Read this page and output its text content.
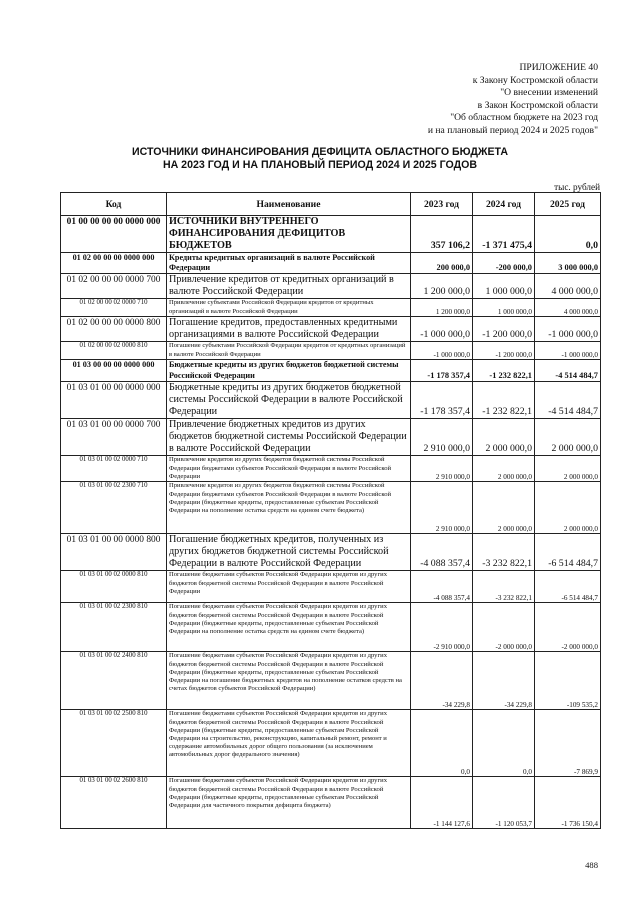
ПРИЛОЖЕНИЕ 40
к Закону Костромской области
"О внесении изменений
в Закон Костромской области
"Об областном бюджете на 2023 год
и на плановый период 2024 и 2025 годов"
ИСТОЧНИКИ ФИНАНСИРОВАНИЯ ДЕФИЦИТА ОБЛАСТНОГО БЮДЖЕТА
НА 2023 ГОД И НА ПЛАНОВЫЙ ПЕРИОД 2024 И 2025 ГОДОВ
тыс. рублей
Код	Наименование	2023 год	2024 год	2025 год
01 00 00 00 00 0000 000	ИСТОЧНИКИ ВНУТРЕННЕГО ФИНАНСИРОВАНИЯ ДЕФИЦИТОВ БЮДЖЕТОВ	357 106,2	-1 371 475,4	0,0
01 02 00 00 00 0000 000	Кредиты кредитных организаций в валюте Российской Федерации	200 000,0	-200 000,0	3 000 000,0
01 02 00 00 00 0000 700	Привлечение кредитов от кредитных организаций в валюте Российской Федерации	1 200 000,0	1 000 000,0	4 000 000,0
01 02 00 00 02 0000 710	Привлечение субъектами Российской Федерации кредитов от кредитных организаций в валюте Российской Федерации	1 200 000,0	1 000 000,0	4 000 000,0
01 02 00 00 00 0000 800	Погашение кредитов, предоставленных кредитными организациями в валюте Российской Федерации	-1 000 000,0	-1 200 000,0	-1 000 000,0
01 02 00 00 02 0000 810	Погашение субъектами Российской Федерации кредитов от кредитных организаций в валюте Российской Федерации	-1 000 000,0	-1 200 000,0	-1 000 000,0
01 03 00 00 00 0000 000	Бюджетные кредиты из других бюджетов бюджетной системы Российской Федерации	-1 178 357,4	-1 232 822,1	-4 514 484,7
01 03 01 00 00 0000 000	Бюджетные кредиты из других бюджетов бюджетной системы Российской Федерации в валюте Российской Федерации	-1 178 357,4	-1 232 822,1	-4 514 484,7
01 03 01 00 00 0000 700	Привлечение бюджетных кредитов из других бюджетов бюджетной системы Российской Федерации в валюте Российской Федерации	2 910 000,0	2 000 000,0	2 000 000,0
01 03 01 00 02 0000 710	Привлечение кредитов из других бюджетов бюджетной системы Российской Федерации бюджетами субъектов Российской Федерации в валюте Российской Федерации	2 910 000,0	2 000 000,0	2 000 000,0
01 03 01 00 02 2300 710	Привлечение кредитов из других бюджетов бюджетной системы Российской Федерации бюджетами субъектов Российской Федерации в валюте Российской Федерации (бюджетные кредиты, предоставленные субъектам Российской Федерации на пополнение остатка средств на едином счете бюджета)	2 910 000,0	2 000 000,0	2 000 000,0
01 03 01 00 00 0000 800	Погашение бюджетных кредитов, полученных из других бюджетов бюджетной системы Российской Федерации в валюте Российской Федерации	-4 088 357,4	-3 232 822,1	-6 514 484,7
01 03 01 00 02 0000 810	Погашение бюджетами субъектов Российской Федерации кредитов из других бюджетов бюджетной системы Российской Федерации в валюте Российской Федерации	-4 088 357,4	-3 232 822,1	-6 514 484,7
01 03 01 00 02 2300 810	Погашение бюджетами субъектов Российской Федерации кредитов из других бюджетов бюджетной системы Российской Федерации в валюте Российской Федерации (бюджетные кредиты, предоставленные субъектам Российской Федерации на пополнение остатка средств на едином счете бюджета)	-2 910 000,0	-2 000 000,0	-2 000 000,0
01 03 01 00 02 2400 810	Погашение бюджетами субъектов Российской Федерации кредитов из других бюджетов бюджетной системы Российской Федерации в валюте Российской Федерации (бюджетные кредиты, предоставленные субъектам Российской Федерации на погашение бюджетных кредитов на пополнение остатков средств на счетах бюджетов субъектов Российской Федерации)	-34 229,8	-34 229,8	-109 535,2
01 03 01 00 02 2500 810	Погашение бюджетами субъектов Российской Федерации кредитов из других бюджетов бюджетной системы Российской Федерации в валюте Российской Федерации (бюджетные кредиты, предоставленные субъектам Российской Федерации на строительство, реконструкцию, капитальный ремонт, ремонт и содержание автомобильных дорог общего пользования (за исключением автомобильных дорог федерального значения)	0,0	0,0	-7 869,9
01 03 01 00 02 2600 810	Погашение бюджетами субъектов Российской Федерации кредитов из других бюджетов бюджетной системы Российской Федерации в валюте Российской Федерации (бюджетные кредиты, предоставленные субъектам Российской Федерации для частичного покрытия дефицита бюджета)	-1 144 127,6	-1 120 053,7	-1 736 150,4
488
